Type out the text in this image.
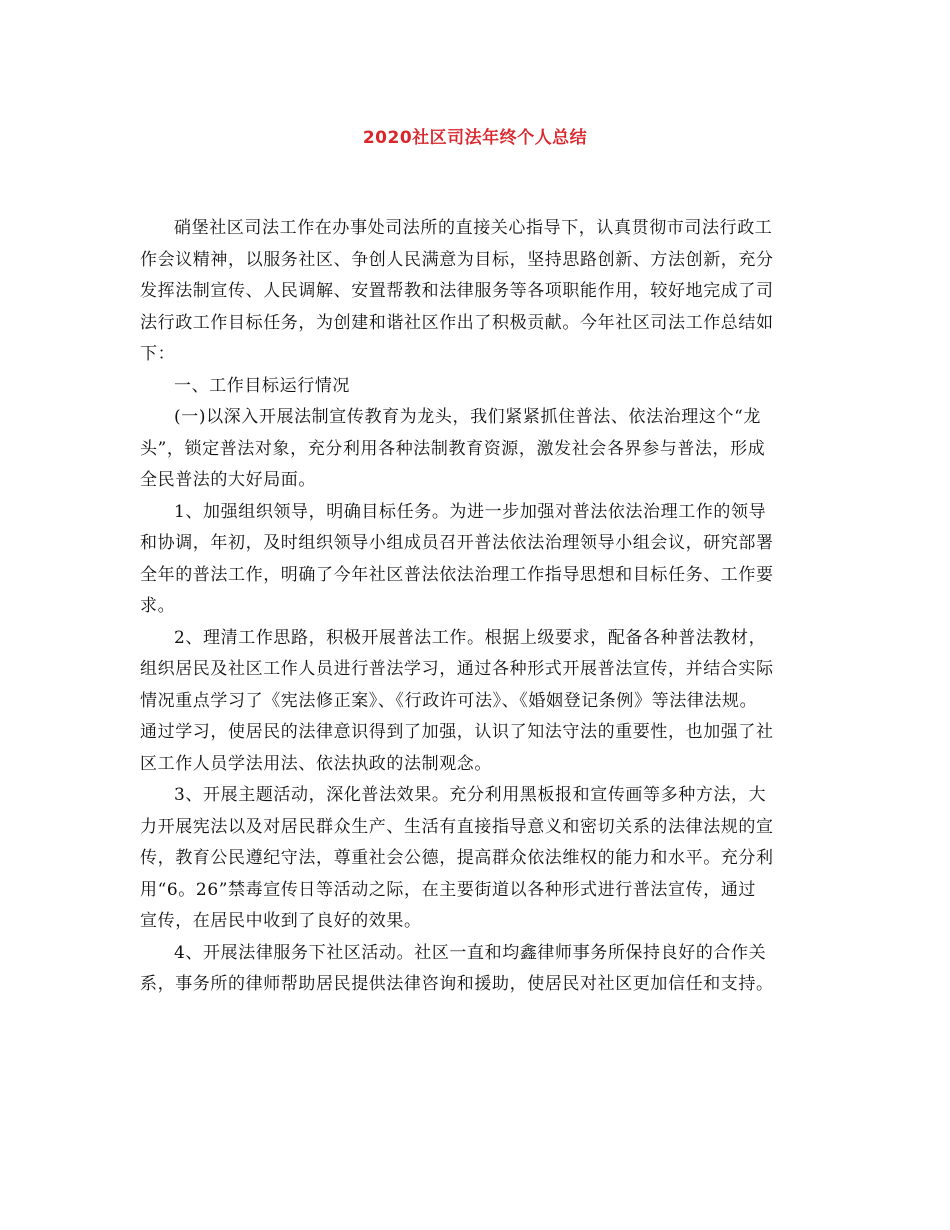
2020社区司法年终个人总结
硝堡社区司法工作在办事处司法所的直接关心指导下，认真贯彻市司法行政工
作会议精神，以服务社区、争创人民满意为目标，坚持思路创新、方法创新，充分
发挥法制宣传、人民调解、安置帮教和法律服务等各项职能作用，较好地完成了司
法行政工作目标任务，为创建和谐社区作出了积极贡献。今年社区司法工作总结如
下：
一、工作目标运行情况
(一)以深入开展法制宣传教育为龙头，我们紧紧抓住普法、依法治理这个“龙
头”，锁定普法对象，充分利用各种法制教育资源，激发社会各界参与普法，形成
全民普法的大好局面。
1、加强组织领导，明确目标任务。为进一步加强对普法依法治理工作的领导
和协调，年初，及时组织领导小组成员召开普法依法治理领导小组会议，研究部署
全年的普法工作，明确了今年社区普法依法治理工作指导思想和目标任务、工作要
求。
2、理清工作思路，积极开展普法工作。根据上级要求，配备各种普法教材，
组织居民及社区工作人员进行普法学习，通过各种形式开展普法宣传，并结合实际
情况重点学习了《宪法修正案》、《行政许可法》、《婚姻登记条例》等法律法规。
通过学习，使居民的法律意识得到了加强，认识了知法守法的重要性，也加强了社
区工作人员学法用法、依法执政的法制观念。
3、开展主题活动，深化普法效果。充分利用黑板报和宣传画等多种方法，大
力开展宪法以及对居民群众生产、生活有直接指导意义和密切关系的法律法规的宣
传，教育公民遵纪守法，尊重社会公德，提高群众依法维权的能力和水平。充分利
用“6。26”禁毒宣传日等活动之际，在主要街道以各种形式进行普法宣传，通过
宣传，在居民中收到了良好的效果。
4、开展法律服务下社区活动。社区一直和均鑫律师事务所保持良好的合作关
系，事务所的律师帮助居民提供法律咨询和援助，使居民对社区更加信任和支持。
